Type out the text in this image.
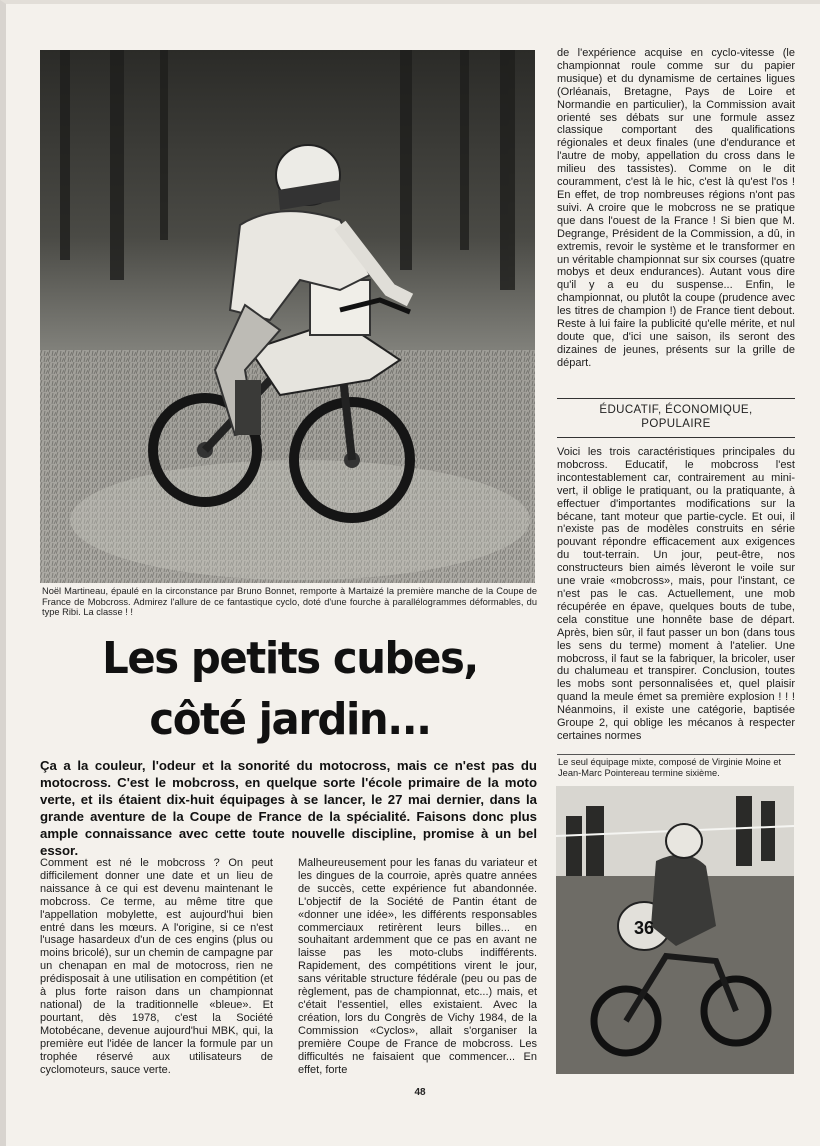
Noël Martineau, épaulé en la circonstance par Bruno Bonnet, remporte à Martaizé la première manche de la Coupe de France de Mobcross. Admirez l'allure de ce fantastique cyclo, doté d'une fourche à parallélogrammes déformables, du type Ribi. La classe ! !
Les petits cubes,
côté jardin...
Ça a la couleur, l'odeur et la sonorité du motocross, mais ce n'est pas du motocross. C'est le mobcross, en quelque sorte l'école primaire de la moto verte, et ils étaient dix-huit équipages à se lancer, le 27 mai dernier, dans la grande aventure de la Coupe de France de la spécialité. Faisons donc plus ample connaissance avec cette toute nouvelle discipline, promise à un bel essor.
Comment est né le mobcross ? On peut difficilement donner une date et un lieu de naissance à ce qui est devenu maintenant le mobcross. Ce terme, au même titre que l'appellation mobylette, est aujourd'hui bien entré dans les mœurs. A l'origine, si ce n'est l'usage hasardeux d'un de ces engins (plus ou moins bricolé), sur un chemin de campagne par un chenapan en mal de motocross, rien ne prédisposait à une utilisation en compétition (et à plus forte raison dans un championnat national) de la traditionnelle «bleue». Et pourtant, dès 1978, c'est la Société Motobécane, devenue aujourd'hui MBK, qui, la première eut l'idée de lancer la formule par un trophée réservé aux utilisateurs de cyclomoteurs, sauce verte.
Malheureusement pour les fanas du variateur et les dingues de la courroie, après quatre années de succès, cette expérience fut abandonnée. L'objectif de la Société de Pantin étant de «donner une idée», les différents responsables commerciaux retirèrent leurs billes... en souhaitant ardemment que ce pas en avant ne laisse pas les moto-clubs indifférents. Rapidement, des compétitions virent le jour, sans véritable structure fédérale (peu ou pas de règlement, pas de championnat, etc...) mais, et c'était l'essentiel, elles existaient. Avec la création, lors du Congrès de Vichy 1984, de la Commission «Cyclos», allait s'organiser la première Coupe de France de mobcross. Les difficultés ne faisaient que commencer... En effet, forte
de l'expérience acquise en cyclo-vitesse (le championnat roule comme sur du papier musique) et du dynamisme de certaines ligues (Orléanais, Bretagne, Pays de Loire et Normandie en particulier), la Commission avait orienté ses débats sur une formule assez classique comportant des qualifications régionales et deux finales (une d'endurance et l'autre de moby, appellation du cross dans le milieu des tassistes). Comme on le dit couramment, c'est là le hic, c'est là qu'est l'os ! En effet, de trop nombreuses régions n'ont pas suivi. A croire que le mobcross ne se pratique que dans l'ouest de la France ! Si bien que M. Degrange, Président de la Commission, a dû, in extremis, revoir le système et le transformer en un véritable championnat sur six courses (quatre mobys et deux endurances). Autant vous dire qu'il y a eu du suspense... Enfin, le championnat, ou plutôt la coupe (prudence avec les titres de champion !) de France tient debout. Reste à lui faire la publicité qu'elle mérite, et nul doute que, d'ici une saison, ils seront des dizaines de jeunes, présents sur la grille de départ.
ÉDUCATIF, ÉCONOMIQUE,
POPULAIRE
Voici les trois caractéristiques principales du mobcross. Educatif, le mobcross l'est incontestablement car, contrairement au mini-vert, il oblige le pratiquant, ou la pratiquante, à effectuer d'importantes modifications sur la bécane, tant moteur que partie-cycle. Et oui, il n'existe pas de modèles construits en série pouvant répondre efficacement aux exigences du tout-terrain. Un jour, peut-être, nos constructeurs bien aimés lèveront le voile sur une vraie «mobcross», mais, pour l'instant, ce n'est pas le cas. Actuellement, une mob récupérée en épave, quelques bouts de tube, cela constitue une honnête base de départ. Après, bien sûr, il faut passer un bon (dans tous les sens du terme) moment à l'atelier. Une mobcross, il faut se la fabriquer, la bricoler, user du chalumeau et transpirer. Conclusion, toutes les mobs sont personnalisées et, quel plaisir quand la meule émet sa première explosion ! ! ! Néanmoins, il existe une catégorie, baptisée Groupe 2, qui oblige les mécanos à respecter certaines normes
Le seul équipage mixte, composé de Virginie Moine et Jean-Marc Pointereau termine sixième.
36
48
